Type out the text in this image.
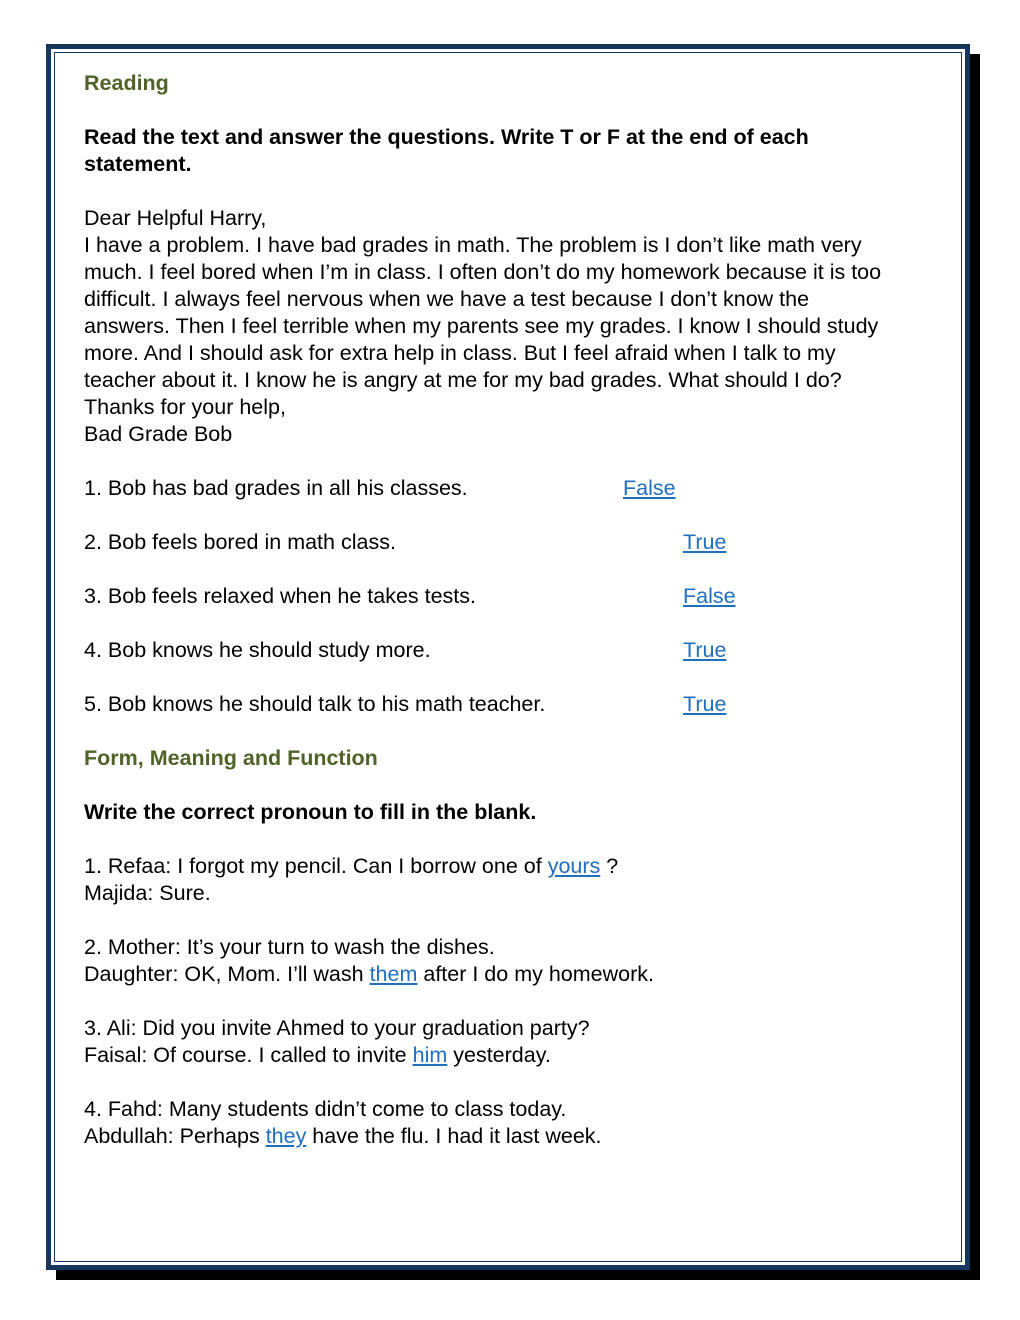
Reading

Read the text and answer the questions. Write T or F at the end of each
statement.

Dear Helpful Harry,

I have a problem. I have bad grades in math. The problem is I don’t like math very

much. I feel bored when I’m in class. I often don’t do my homework because it is too

difficult. I always feel nervous when we have a test because I don’t know the

answers. Then I feel terrible when my parents see my grades. I know I should study

more. And I should ask for extra help in class. But I feel afraid when I talk to my

teacher about it. I know he is angry at me for my bad grades. What should I do?

Thanks for your help,

Bad Grade Bob

1. Bob has bad grades in all his classes.	False
2. Bob feels bored in math class.	True
3. Bob feels relaxed when he takes tests.	False
4. Bob knows he should study more.	True
5. Bob knows he should talk to his math teacher.	True

Form, Meaning and Function

Write the correct pronoun to fill in the blank.

1. Refaa: I forgot my pencil. Can I borrow one of yours ?

Majida: Sure.

2. Mother: It’s your turn to wash the dishes.

Daughter: OK, Mom. I’ll wash them after I do my homework.

3. Ali: Did you invite Ahmed to your graduation party?

Faisal: Of course. I called to invite him yesterday.

4. Fahd: Many students didn’t come to class today.

Abdullah: Perhaps they have the flu. I had it last week.
